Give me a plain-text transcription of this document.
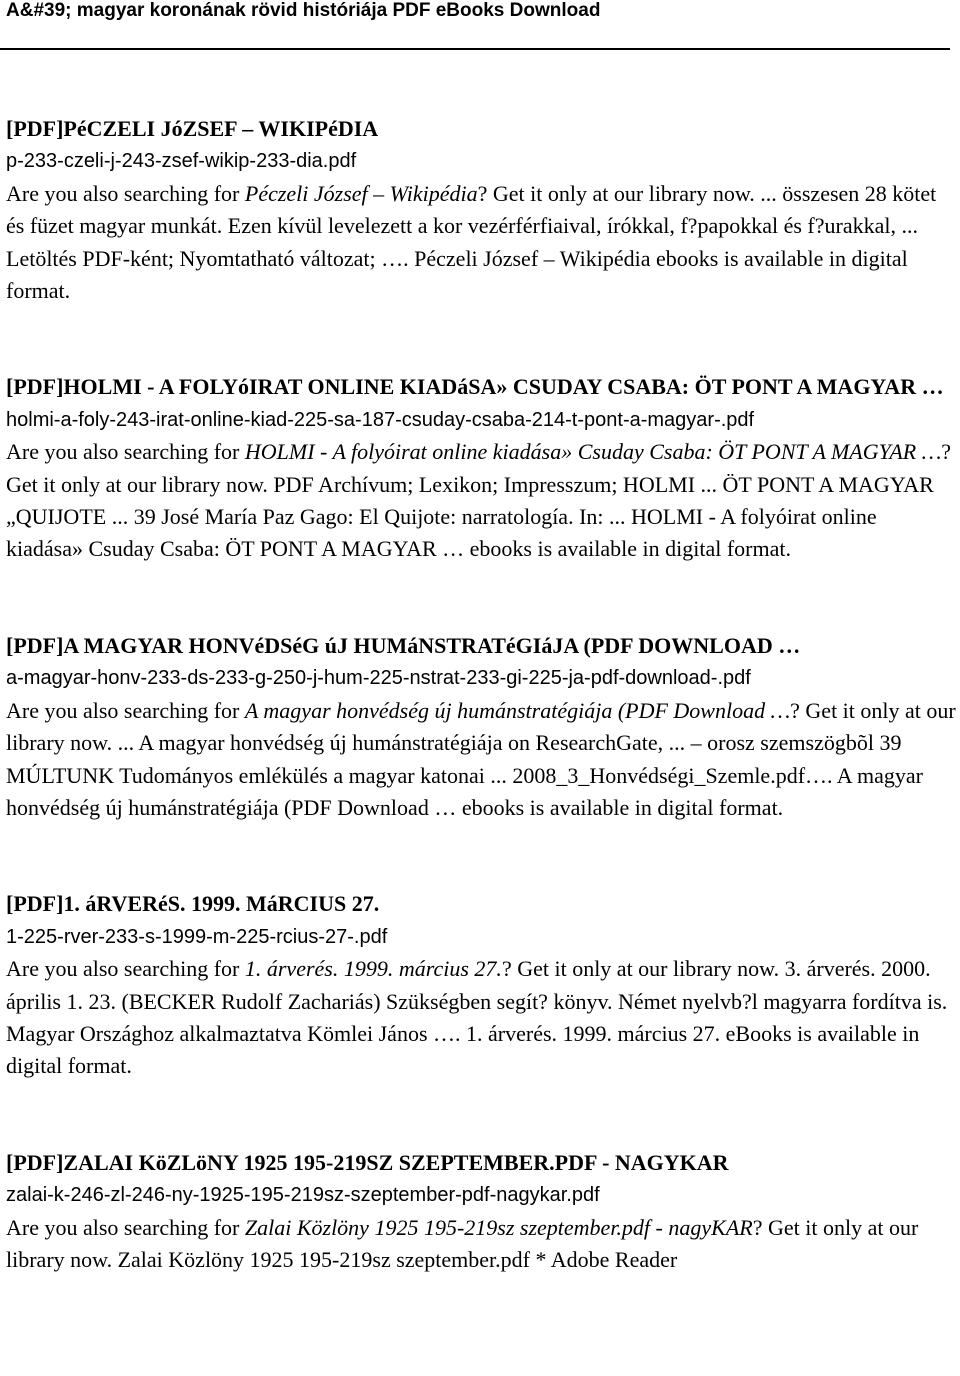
A&#39; magyar koronának rövid históriája PDF eBooks Download
[PDF]PéCZELI JóZSEF – WIKIPéDIA
p-233-czeli-j-243-zsef-wikip-233-dia.pdf
Are you also searching for Péczeli József – Wikipédia? Get it only at our library now. ... összesen 28 kötet és füzet magyar munkát. Ezen kívül levelezett a kor vezérférfiaival, írókkal, f?papokkal és f?urakkal, ... Letöltés PDF-ként; Nyomtatható változat; …. Péczeli József – Wikipédia ebooks is available in digital format.
[PDF]HOLMI - A FOLYóIRAT ONLINE KIADáSA» CSUDAY CSABA: ÖT PONT A MAGYAR …
holmi-a-foly-243-irat-online-kiad-225-sa-187-csuday-csaba-214-t-pont-a-magyar-.pdf
Are you also searching for HOLMI - A folyóirat online kiadása» Csuday Csaba: ÖT PONT A MAGYAR …? Get it only at our library now. PDF Archívum; Lexikon; Impresszum; HOLMI ... ÖT PONT A MAGYAR „QUIJOTE ... 39 José María Paz Gago: El Quijote: narratología. In: ... HOLMI - A folyóirat online kiadása» Csuday Csaba: ÖT PONT A MAGYAR … ebooks is available in digital format.
[PDF]A MAGYAR HONVéDSéG úJ HUMáNSTRATéGIáJA (PDF DOWNLOAD …
a-magyar-honv-233-ds-233-g-250-j-hum-225-nstrat-233-gi-225-ja-pdf-download-.pdf
Are you also searching for A magyar honvédség új humánstratégiája (PDF Download …? Get it only at our library now. ... A magyar honvédség új humánstratégiája on ResearchGate, ... – orosz szemszögbõl 39 MÚLTUNK Tudományos emlékülés a magyar katonai ... 2008_3_Honvédségi_Szemle.pdf…. A magyar honvédség új humánstratégiája (PDF Download … ebooks is available in digital format.
[PDF]1. áRVERéS. 1999. MáRCIUS 27.
1-225-rver-233-s-1999-m-225-rcius-27-.pdf
Are you also searching for 1. árverés. 1999. március 27.? Get it only at our library now. 3. árverés. 2000. április 1. 23. (BECKER Rudolf Zachariás) Szükségben segít? könyv. Német nyelvb?l magyarra fordítva is. Magyar Országhoz alkalmaztatva Kömlei János …. 1. árverés. 1999. március 27. eBooks is available in digital format.
[PDF]ZALAI KöZLöNY 1925 195-219SZ SZEPTEMBER.PDF - NAGYKAR
zalai-k-246-zl-246-ny-1925-195-219sz-szeptember-pdf-nagykar.pdf
Are you also searching for Zalai Közlöny 1925 195-219sz szeptember.pdf - nagyKAR? Get it only at our library now. Zalai Közlöny 1925 195-219sz szeptember.pdf * Adobe Reader
